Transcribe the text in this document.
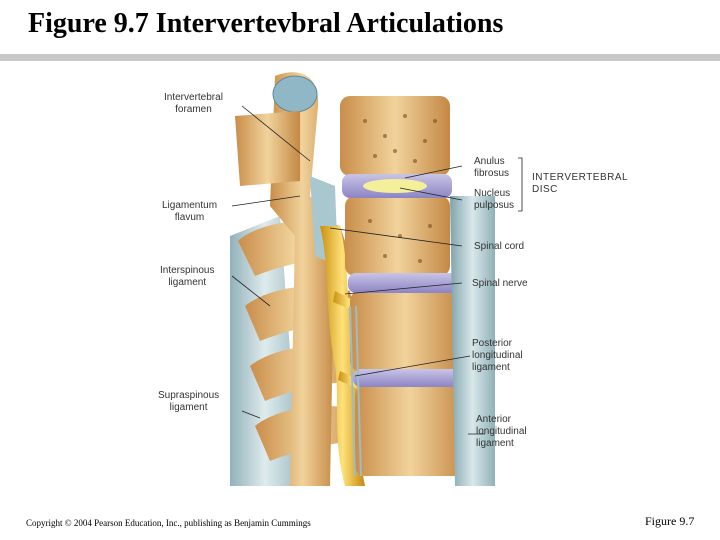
Figure 9.7 Intervertevbral Articulations
Intervertebral
foramen
Ligamentum
flavum
Interspinous
ligament
Supraspinous
ligament
Anulus
fibrosus
Nucleus
pulposus
INTERVERTEBRAL
DISC
Spinal cord
Spinal nerve
Posterior
longitudinal
ligament
Anterior
longitudinal
ligament
Copyright © 2004 Pearson Education, Inc., publishing as Benjamin Cummings	Figure 9.7
